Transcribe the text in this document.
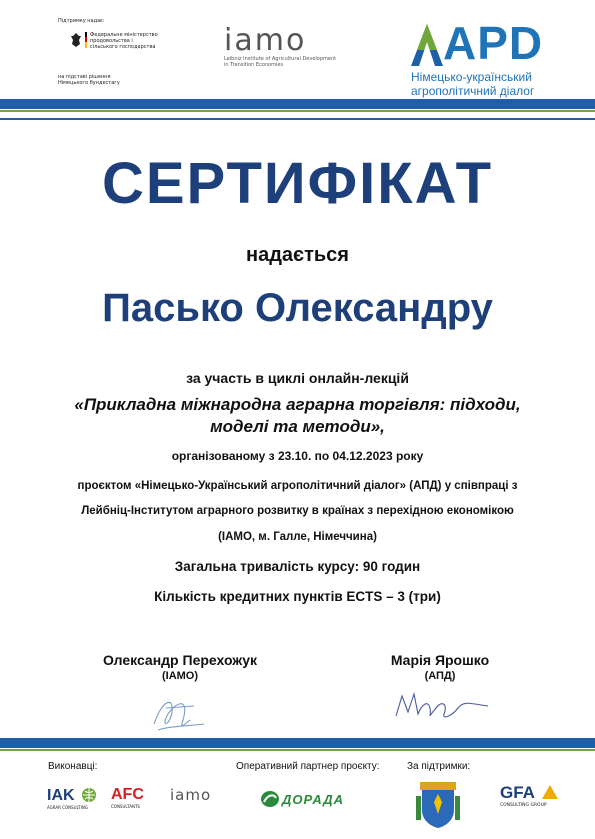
Підтримку надає:
Федеральне міністерство
продовольства і
сільського господарства
на підставі рішення
Німецького бундестагу
iamo
Leibniz Institute of Agricultural Development
in Transition Economies	APD
Німецько-український
агрополітичний діалог
СЕРТИФІКАТ
надається
Пасько Олександру
за участь в циклі онлайн-лекцій
«Прикладна міжнародна аграрна торгівля: підходи,
моделі та методи»,
організованому з 23.10. по 04.12.2023 року
проєктом «Німецько-Український агрополітичний діалог» (АПД) у співпраці з
Лейбніц-Інститутом аграрного розвитку в країнах з перехідною економікою
(IAMO, м. Галле, Німеччина)
Загальна тривалість курсу: 90 годин
Кількість кредитних пунктів ECTS – 3 (три)
Олександр Перехожук
(IAMO)
Марія Ярошко
(АПД)
Виконавці:	Оперативний партнер проєкту:	За підтримки:
IAK
AGRAR CONSULTING
AFC
CONSULTANTS
iamo	ДОРАДА	GFA
CONSULTING GROUP
